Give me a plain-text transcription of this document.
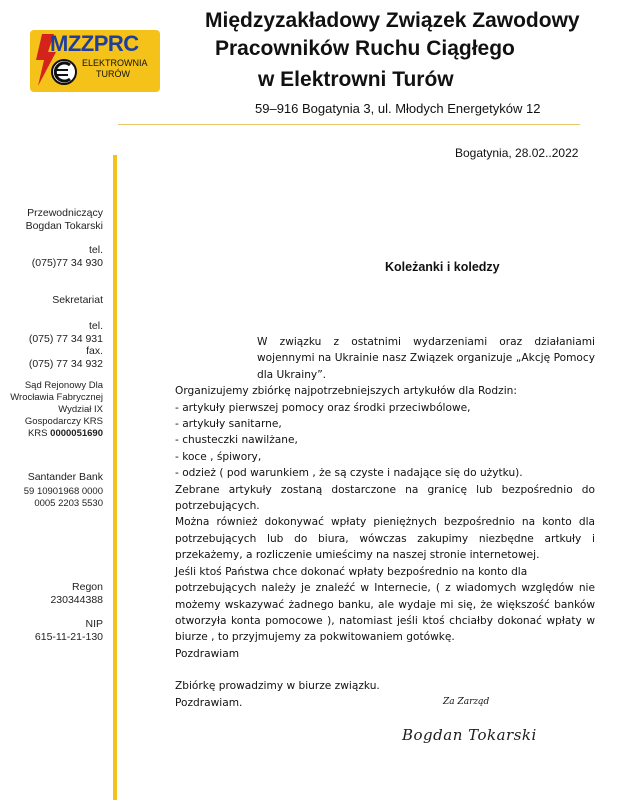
MZZPRC
ELEKTROWNIA
TURÓW
Międzyzakładowy Związek Zawodowy
Pracowników Ruchu Ciągłego
w Elektrowni Turów
59–916 Bogatynia 3, ul. Młodych Energetyków 12
Bogatynia, 28.02..2022
Przewodniczący
Bogdan Tokarski
tel.
(075)77 34 930
Sekretariat
tel.
(075) 77 34 931
fax.
(075) 77 34 932
Sąd Rejonowy Dla
Wrocławia Fabrycznej
Wydział IX
Gospodarczy KRS
KRS 0000051690
Santander Bank
59 10901968 0000
0005 2203 5530
Regon
230344388
NIP
615-11-21-130
Koleżanki i koledzy

W związku z ostatnimi wydarzeniami oraz działaniami wojennymi na Ukrainie nasz Związek organizuje „Akcję Pomocy dla Ukrainy”.

Organizujemy zbiórkę najpotrzebniejszych artykułów dla Rodzin:

- artykuły pierwszej pomocy oraz środki przeciwbólowe,

- artykuły sanitarne,

- chusteczki nawilżane,

- koce , śpiwory,

- odzież ( pod warunkiem , że są czyste i nadające się do użytku).

Zebrane artykuły zostaną dostarczone na granicę lub bezpośrednio do potrzebujących.

Można również dokonywać wpłaty pieniężnych bezpośrednio na konto dla potrzebujących lub do biura, wówczas zakupimy niezbędne artkuły i przekażemy, a rozliczenie umieścimy na naszej stronie internetowej.

Jeśli ktoś Państwa chce dokonać wpłaty bezpośrednio na konto dla

potrzebujących należy je znaleźć w Internecie, ( z wiadomych względów nie możemy wskazywać żadnego banku, ale wydaje mi się, że większość banków otworzyła konta pomocowe ), natomiast jeśli ktoś chciałby dokonać wpłaty w biurze , to przyjmujemy za pokwitowaniem gotówkę.

Pozdrawiam

Zbiórkę prowadzimy w biurze związku.

Pozdrawiam.	Za Zarząd
Bogdan Tokarski
